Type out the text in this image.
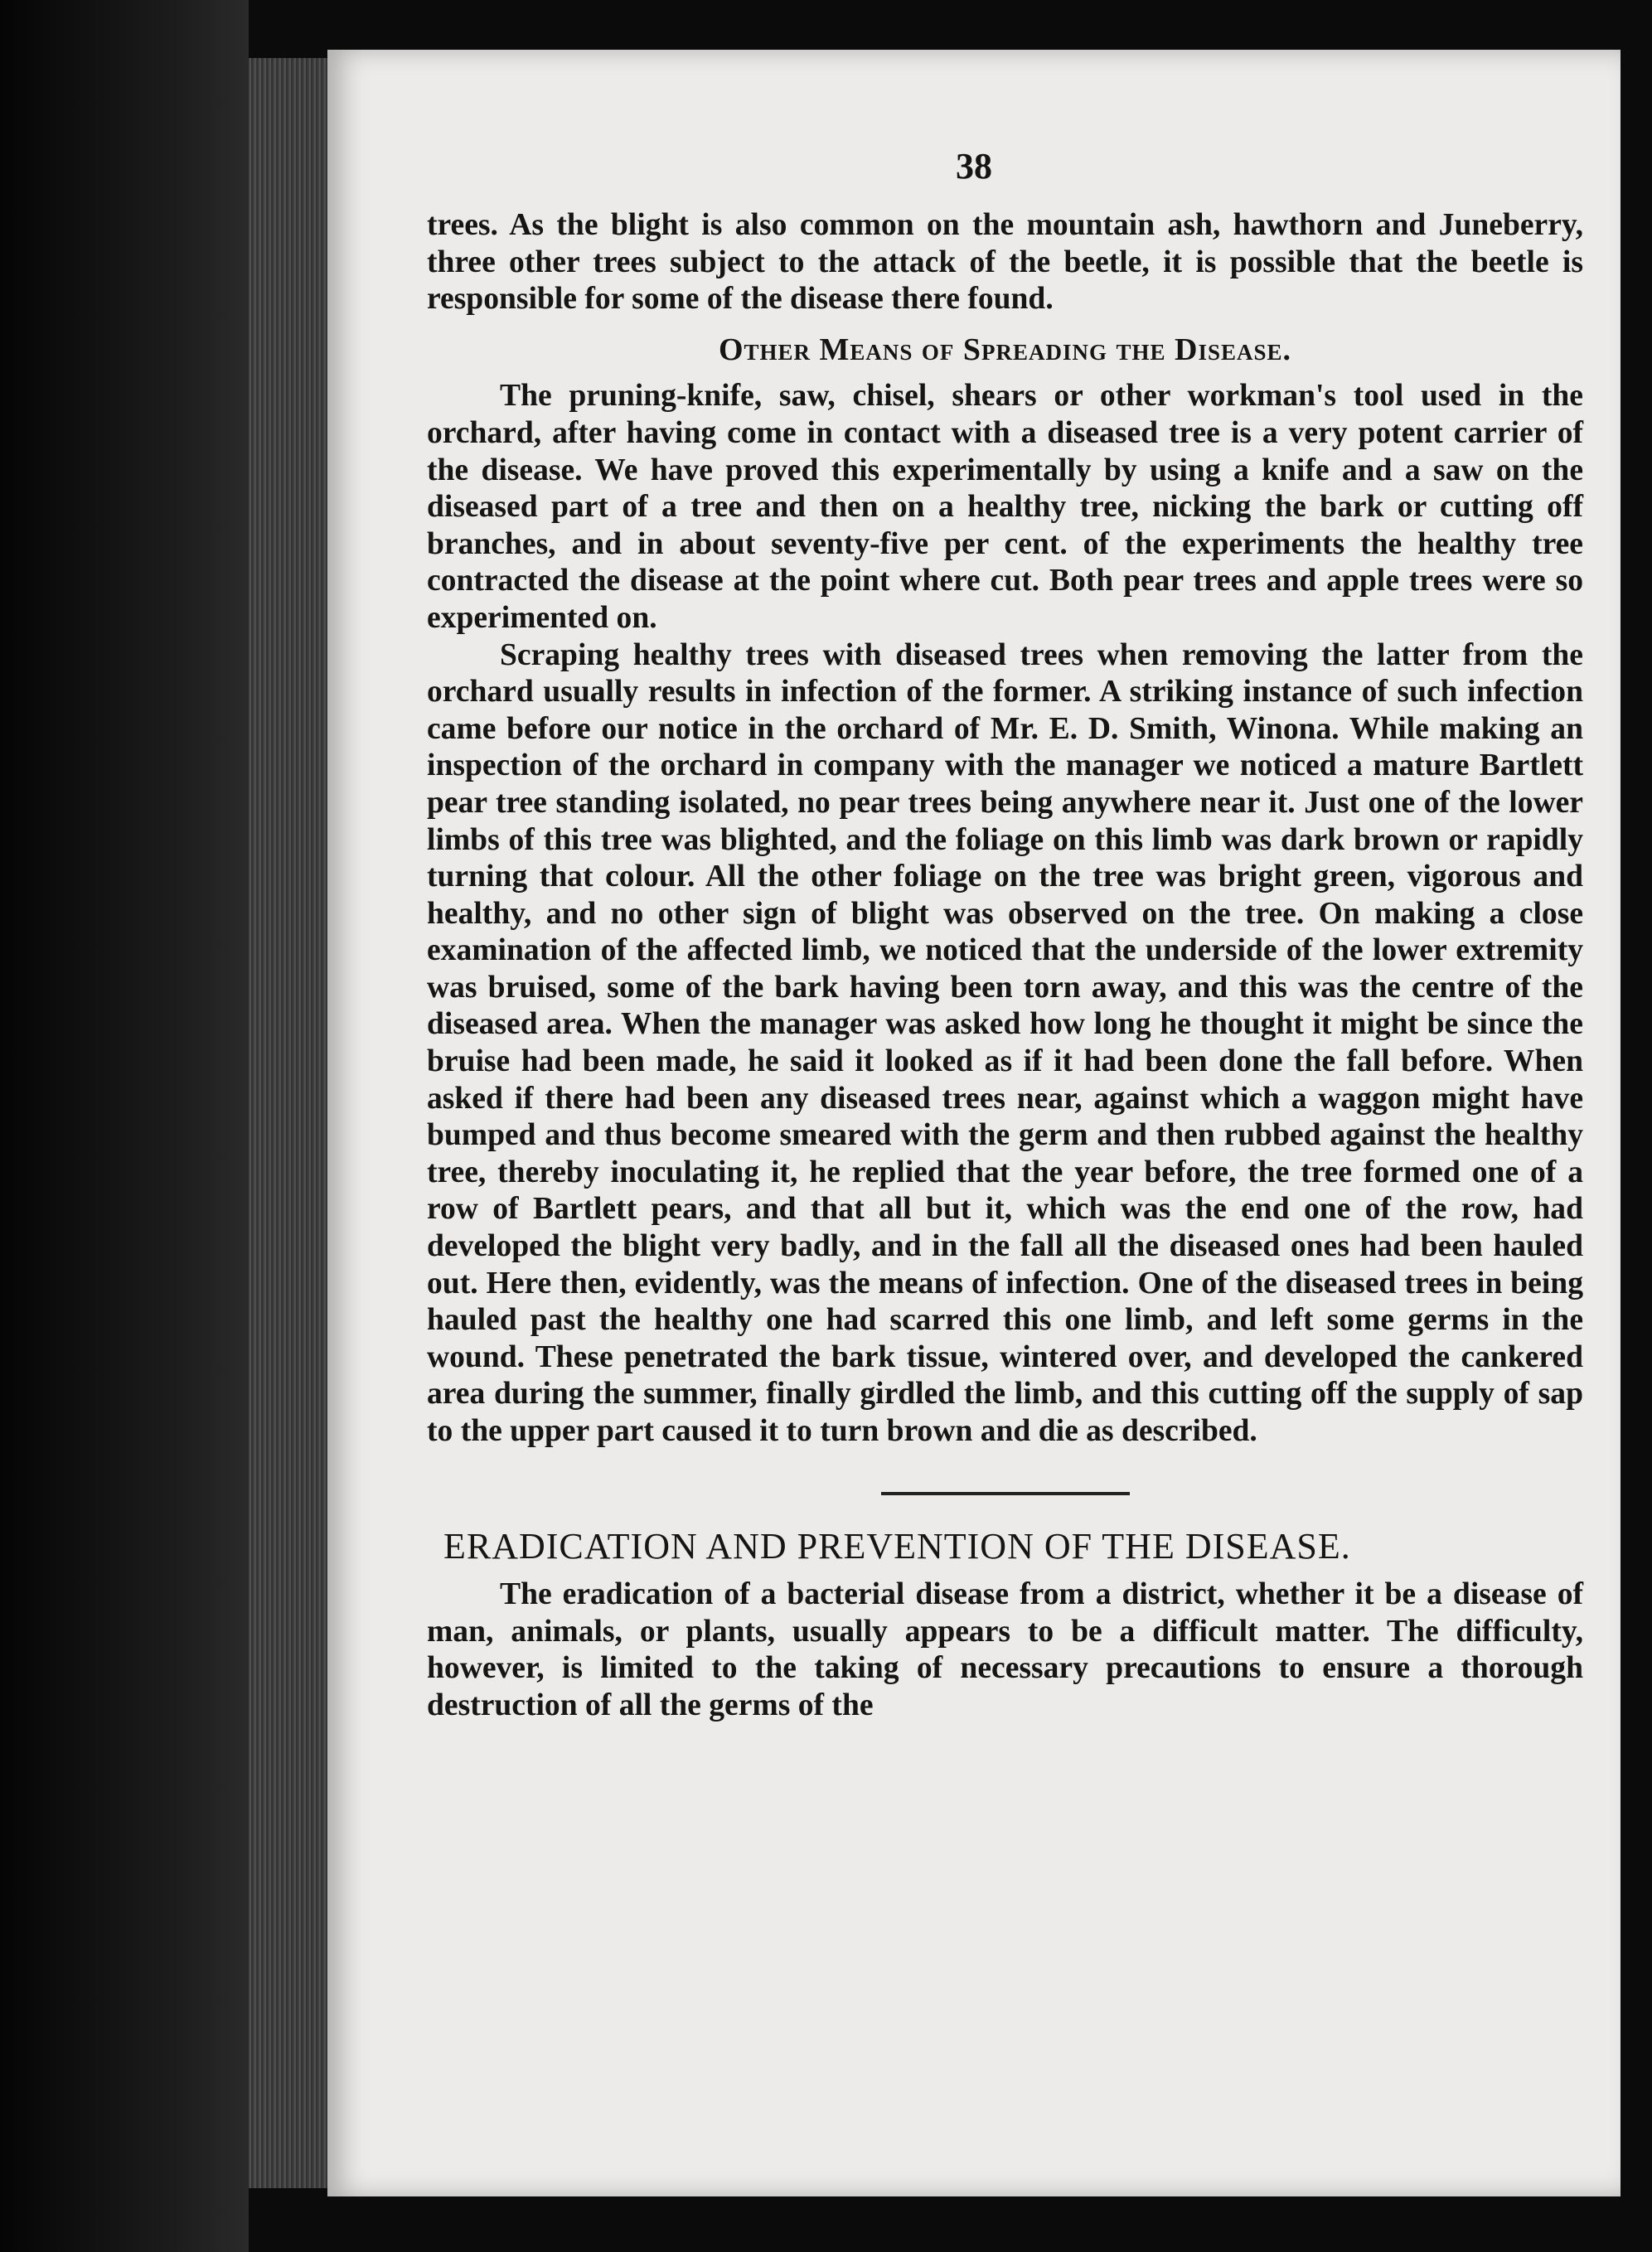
38

trees. As the blight is also common on the mountain ash, hawthorn and Juneberry, three other trees subject to the attack of the beetle, it is possible that the beetle is responsible for some of the disease there found.

Other Means of Spreading the Disease.

The pruning-knife, saw, chisel, shears or other workman's tool used in the orchard, after having come in contact with a diseased tree is a very potent carrier of the disease. We have proved this experimentally by using a knife and a saw on the diseased part of a tree and then on a healthy tree, nicking the bark or cutting off branches, and in about seventy-five per cent. of the experiments the healthy tree contracted the disease at the point where cut. Both pear trees and apple trees were so experimented on.

Scraping healthy trees with diseased trees when removing the latter from the orchard usually results in infection of the former. A striking instance of such infection came before our notice in the orchard of Mr. E. D. Smith, Winona. While making an inspection of the orchard in company with the manager we noticed a mature Bartlett pear tree standing isolated, no pear trees being anywhere near it. Just one of the lower limbs of this tree was blighted, and the foliage on this limb was dark brown or rapidly turning that colour. All the other foliage on the tree was bright green, vigorous and healthy, and no other sign of blight was observed on the tree. On making a close examination of the affected limb, we noticed that the underside of the lower extremity was bruised, some of the bark having been torn away, and this was the centre of the diseased area. When the manager was asked how long he thought it might be since the bruise had been made, he said it looked as if it had been done the fall before. When asked if there had been any diseased trees near, against which a waggon might have bumped and thus become smeared with the germ and then rubbed against the healthy tree, thereby inoculating it, he replied that the year before, the tree formed one of a row of Bartlett pears, and that all but it, which was the end one of the row, had developed the blight very badly, and in the fall all the diseased ones had been hauled out. Here then, evidently, was the means of infection. One of the diseased trees in being hauled past the healthy one had scarred this one limb, and left some germs in the wound. These penetrated the bark tissue, wintered over, and developed the cankered area during the summer, finally girdled the limb, and this cutting off the supply of sap to the upper part caused it to turn brown and die as described.

ERADICATION AND PREVENTION OF THE DISEASE.

The eradication of a bacterial disease from a district, whether it be a disease of man, animals, or plants, usually appears to be a difficult matter. The difficulty, however, is limited to the taking of necessary precautions to ensure a thorough destruction of all the germs of the
